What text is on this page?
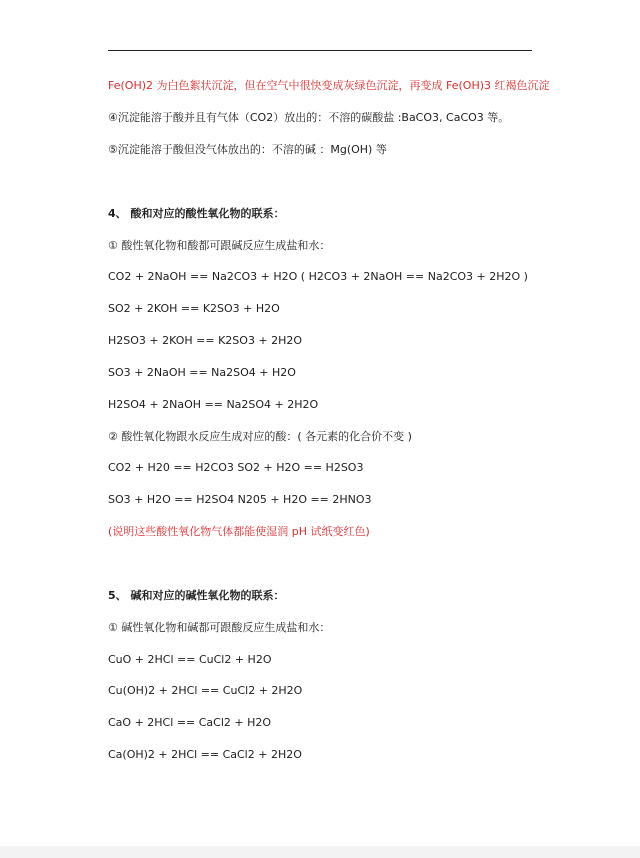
Fe(OH)2 为白色絮状沉淀，但在空气中很快变成灰绿色沉淀，再变成 Fe(OH)3 红褐色沉淀
④沉淀能溶于酸并且有气体（CO2）放出的：不溶的碳酸盐 :BaCO3, CaCO3 等。
⑤沉淀能溶于酸但没气体放出的：不溶的碱 ：Mg(OH) 等
4、 酸和对应的酸性氧化物的联系：
① 酸性氧化物和酸都可跟碱反应生成盐和水：
CO2 + 2NaOH == Na2CO3 + H2O ( H2CO3 + 2NaOH == Na2CO3 + 2H2O )
SO2 + 2KOH == K2SO3 + H2O
H2SO3 + 2KOH == K2SO3 + 2H2O
SO3 + 2NaOH == Na2SO4 + H2O
H2SO4 + 2NaOH == Na2SO4 + 2H2O
② 酸性氧化物跟水反应生成对应的酸：( 各元素的化合价不变 )
CO2 + H20 == H2CO3 SO2 + H2O == H2SO3
SO3 + H2O == H2SO4 N205 + H2O == 2HNO3
(说明这些酸性氧化物气体都能使湿润 pH 试纸变红色)
5、 碱和对应的碱性氧化物的联系：
① 碱性氧化物和碱都可跟酸反应生成盐和水：
CuO + 2HCl == CuCl2 + H2O
Cu(OH)2 + 2HCl == CuCl2 + 2H2O
CaO + 2HCl == CaCl2 + H2O
Ca(OH)2 + 2HCl == CaCl2 + 2H2O
